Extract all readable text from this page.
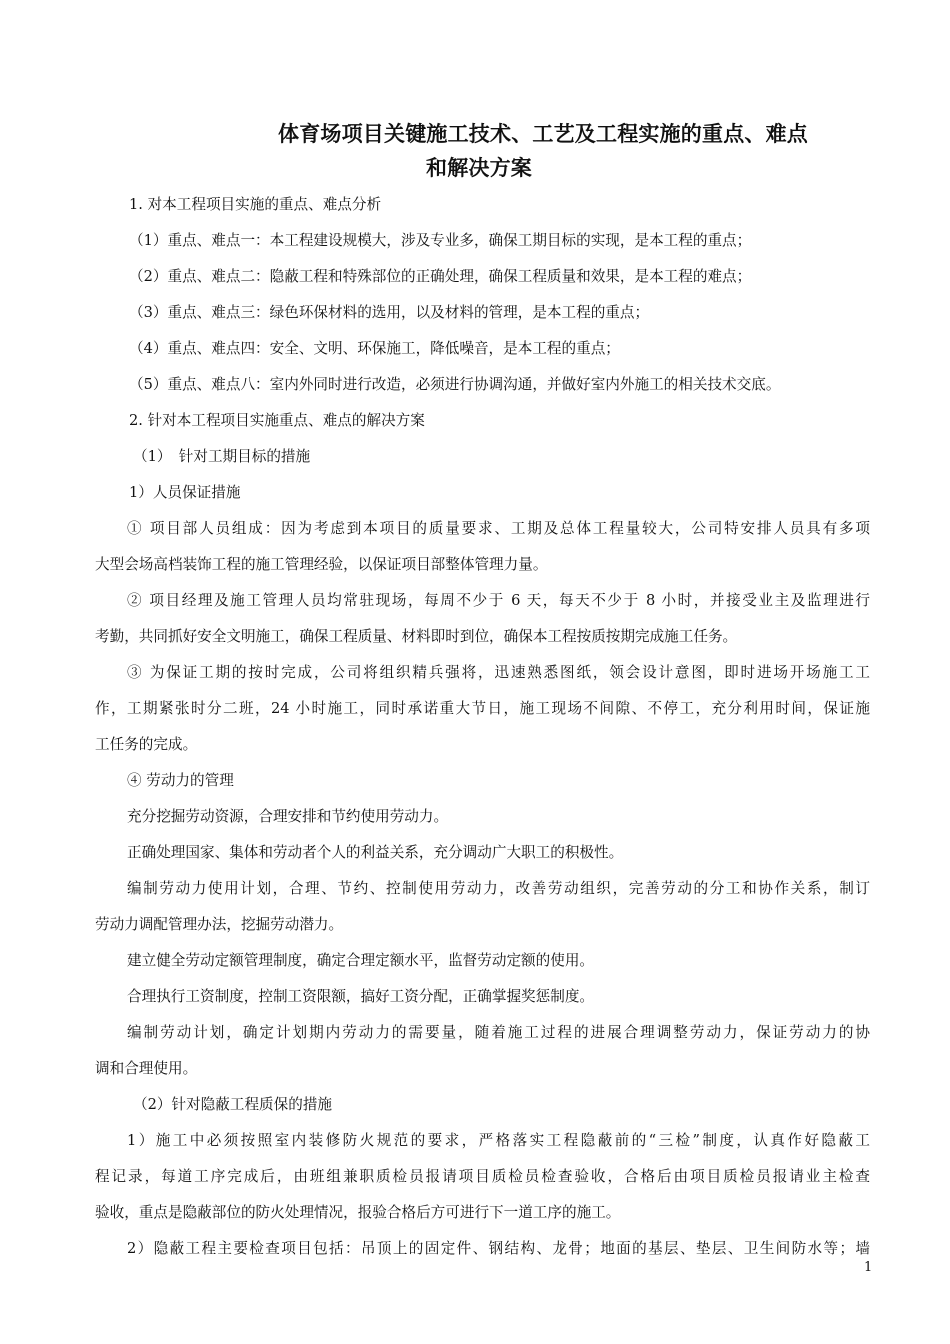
体育场项目关键施工技术、工艺及工程实施的重点、难点
和解决方案

1. 对本工程项目实施的重点、难点分析

（1）重点、难点一：本工程建设规模大，涉及专业多，确保工期目标的实现，是本工程的重点；

（2）重点、难点二：隐蔽工程和特殊部位的正确处理，确保工程质量和效果，是本工程的难点；

（3）重点、难点三：绿色环保材料的选用，以及材料的管理，是本工程的重点；

（4）重点、难点四：安全、文明、环保施工，降低噪音，是本工程的重点；

（5）重点、难点八：室内外同时进行改造，必须进行协调沟通，并做好室内外施工的相关技术交底。

2. 针对本工程项目实施重点、难点的解决方案

（1）　针对工期目标的措施

1）人员保证措施

① 项目部人员组成：因为考虑到本项目的质量要求、工期及总体工程量较大，公司特安排人员具有多项

大型会场高档装饰工程的施工管理经验，以保证项目部整体管理力量。

② 项目经理及施工管理人员均常驻现场，每周不少于 6 天，每天不少于 8 小时，并接受业主及监理进行

考勤，共同抓好安全文明施工，确保工程质量、材料即时到位，确保本工程按质按期完成施工任务。

③ 为保证工期的按时完成，公司将组织精兵强将，迅速熟悉图纸，领会设计意图，即时进场开场施工工

作，工期紧张时分二班，24 小时施工，同时承诺重大节日，施工现场不间隙、不停工，充分利用时间，保证施

工任务的完成。

④ 劳动力的管理

充分挖掘劳动资源，合理安排和节约使用劳动力。

正确处理国家、集体和劳动者个人的利益关系，充分调动广大职工的积极性。

编制劳动力使用计划，合理、节约、控制使用劳动力，改善劳动组织，完善劳动的分工和协作关系，制订

劳动力调配管理办法，挖掘劳动潜力。

建立健全劳动定额管理制度，确定合理定额水平，监督劳动定额的使用。

合理执行工资制度，控制工资限额，搞好工资分配，正确掌握奖惩制度。

编制劳动计划，确定计划期内劳动力的需要量，随着施工过程的进展合理调整劳动力，保证劳动力的协

调和合理使用。

（2）针对隐蔽工程质保的措施

1）施工中必须按照室内装修防火规范的要求，严格落实工程隐蔽前的“三检”制度，认真作好隐蔽工

程记录，每道工序完成后，由班组兼职质检员报请项目质检员检查验收，合格后由项目质检员报请业主检查

验收，重点是隐蔽部位的防火处理情况，报验合格后方可进行下一道工序的施工。

2）隐蔽工程主要检查项目包括：吊顶上的固定件、钢结构、龙骨；地面的基层、垫层、卫生间防水等；墙

1
